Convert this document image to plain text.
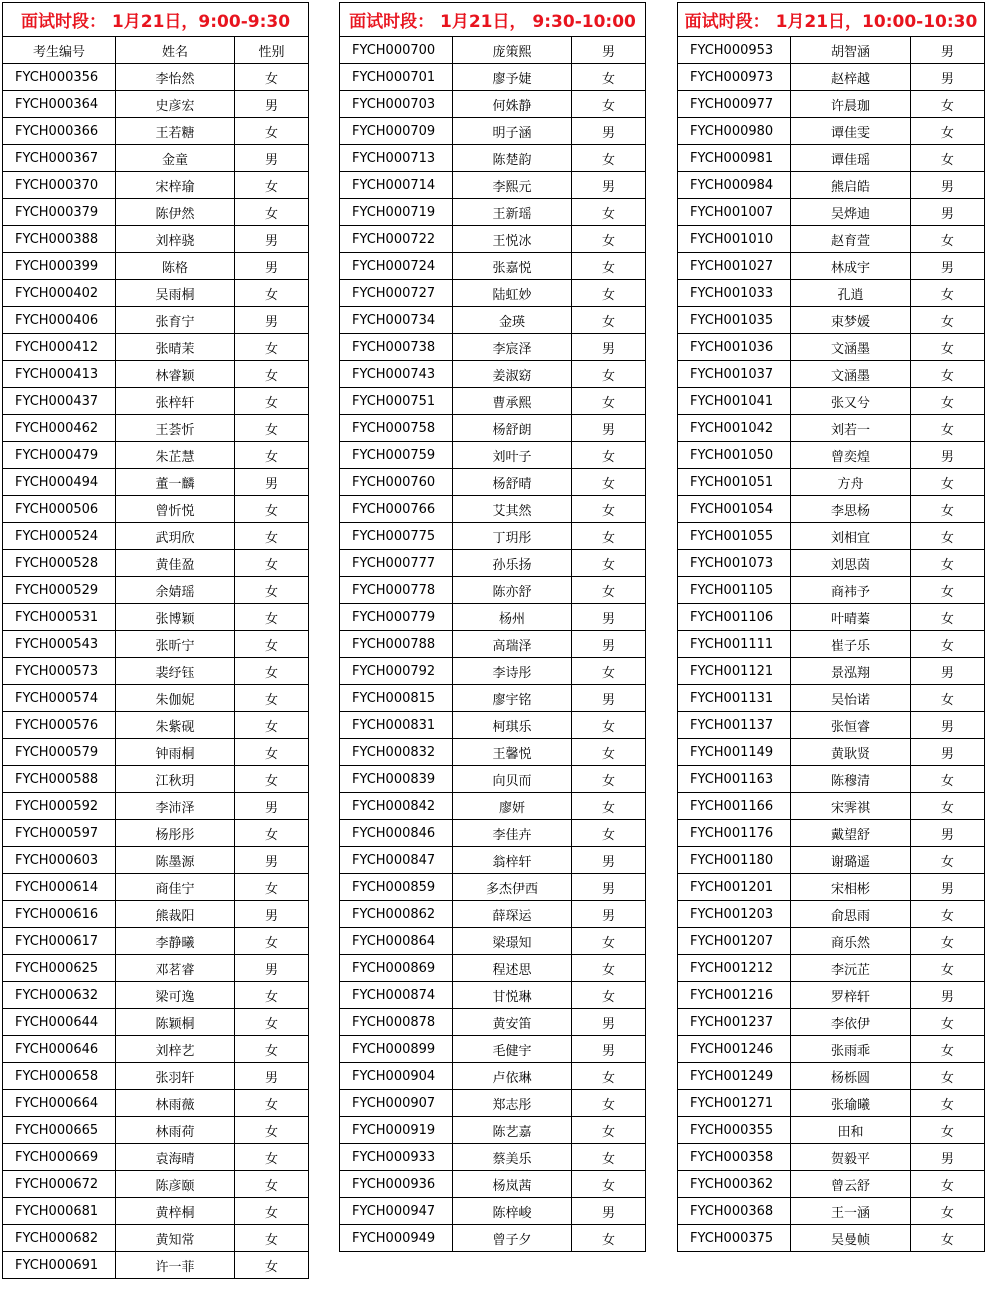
面试时段： 1月21日，9:00-9:30		
考生编号	姓名	性别
FYCH000356	李怡然	女
FYCH000364	史彦宏	男
FYCH000366	王若糖	女
FYCH000367	金童	男
FYCH000370	宋梓瑜	女
FYCH000379	陈伊然	女
FYCH000388	刘梓骁	男
FYCH000399	陈格	男
FYCH000402	吴雨桐	女
FYCH000406	张育宁	男
FYCH000412	张晴茉	女
FYCH000413	林睿颖	女
FYCH000437	张梓轩	女
FYCH000462	王荟忻	女
FYCH000479	朱芷慧	女
FYCH000494	董一麟	男
FYCH000506	曾忻悦	女
FYCH000524	武玥欣	女
FYCH000528	黄佳盈	女
FYCH000529	余婧瑶	女
FYCH000531	张博颖	女
FYCH000543	张昕宁	女
FYCH000573	裴纾钰	女
FYCH000574	朱伽妮	女
FYCH000576	朱紫砚	女
FYCH000579	钟雨桐	女
FYCH000588	江秋玥	女
FYCH000592	李沛泽	男
FYCH000597	杨彤彤	女
FYCH000603	陈墨源	男
FYCH000614	商佳宁	女
FYCH000616	熊裁阳	男
FYCH000617	李静曦	女
FYCH000625	邓茗睿	男
FYCH000632	梁可逸	女
FYCH000644	陈颖桐	女
FYCH000646	刘梓艺	女
FYCH000658	张羽轩	男
FYCH000664	林雨薇	女
FYCH000665	林雨荷	女
FYCH000669	袁海晴	女
FYCH000672	陈彦颐	女
FYCH000681	黄梓桐	女
FYCH000682	黄知常	女
FYCH000691	许一菲	女
面试时段： 1月21日， 9:30-10:00		
FYCH000700	庞策熙	男
FYCH000701	廖予婕	女
FYCH000703	何姝静	女
FYCH000709	明子涵	男
FYCH000713	陈楚韵	女
FYCH000714	李熙元	男
FYCH000719	王新瑶	女
FYCH000722	王悦冰	女
FYCH000724	张嘉悦	女
FYCH000727	陆虹妙	女
FYCH000734	金瑛	女
FYCH000738	李宸泽	男
FYCH000743	姜淑窈	女
FYCH000751	曹承熙	女
FYCH000758	杨舒朗	男
FYCH000759	刘叶子	女
FYCH000760	杨舒晴	女
FYCH000766	艾其然	女
FYCH000775	丁玥彤	女
FYCH000777	孙乐扬	女
FYCH000778	陈亦舒	女
FYCH000779	杨州	男
FYCH000788	高瑞泽	男
FYCH000792	李诗彤	女
FYCH000815	廖宇铭	男
FYCH000831	柯琪乐	女
FYCH000832	王馨悦	女
FYCH000839	向贝而	女
FYCH000842	廖妍	女
FYCH000846	李佳卉	女
FYCH000847	翁梓轩	男
FYCH000859	多杰伊西	男
FYCH000862	薛琛运	男
FYCH000864	梁璟知	女
FYCH000869	程述思	女
FYCH000874	甘悦琳	女
FYCH000878	黄安笛	男
FYCH000899	毛健宇	男
FYCH000904	卢依琳	女
FYCH000907	郑志彤	女
FYCH000919	陈艺嘉	女
FYCH000933	蔡美乐	女
FYCH000936	杨岚茜	女
FYCH000947	陈梓峻	男
FYCH000949	曾子夕	女
面试时段： 1月21日，10:00-10:30		
FYCH000953	胡智涵	男
FYCH000973	赵梓越	男
FYCH000977	许晨珈	女
FYCH000980	谭佳雯	女
FYCH000981	谭佳瑶	女
FYCH000984	熊启皓	男
FYCH001007	吴烨迪	男
FYCH001010	赵育萱	女
FYCH001027	林成宇	男
FYCH001033	孔逍	女
FYCH001035	束梦媛	女
FYCH001036	文涵墨	女
FYCH001037	文涵墨	女
FYCH001041	张又兮	女
FYCH001042	刘若一	女
FYCH001050	曾奕煌	男
FYCH001051	方舟	女
FYCH001054	李思杨	女
FYCH001055	刘相宜	女
FYCH001073	刘思茵	女
FYCH001105	商袆予	女
FYCH001106	叶晴蓁	女
FYCH001111	崔子乐	女
FYCH001121	景泓翔	男
FYCH001131	吴怡诺	女
FYCH001137	张恒睿	男
FYCH001149	黄耿贤	男
FYCH001163	陈穆清	女
FYCH001166	宋霁祺	女
FYCH001176	戴望舒	男
FYCH001180	谢璐遥	女
FYCH001201	宋相彬	男
FYCH001203	俞思雨	女
FYCH001207	商乐然	女
FYCH001212	李沅芷	女
FYCH001216	罗梓轩	男
FYCH001237	李依伊	女
FYCH001246	张雨乖	女
FYCH001249	杨栎圆	女
FYCH001271	张瑜曦	女
FYCH000355	田和	女
FYCH000358	贺毅平	男
FYCH000362	曾云舒	女
FYCH000368	王一涵	女
FYCH000375	吴曼帧	女
